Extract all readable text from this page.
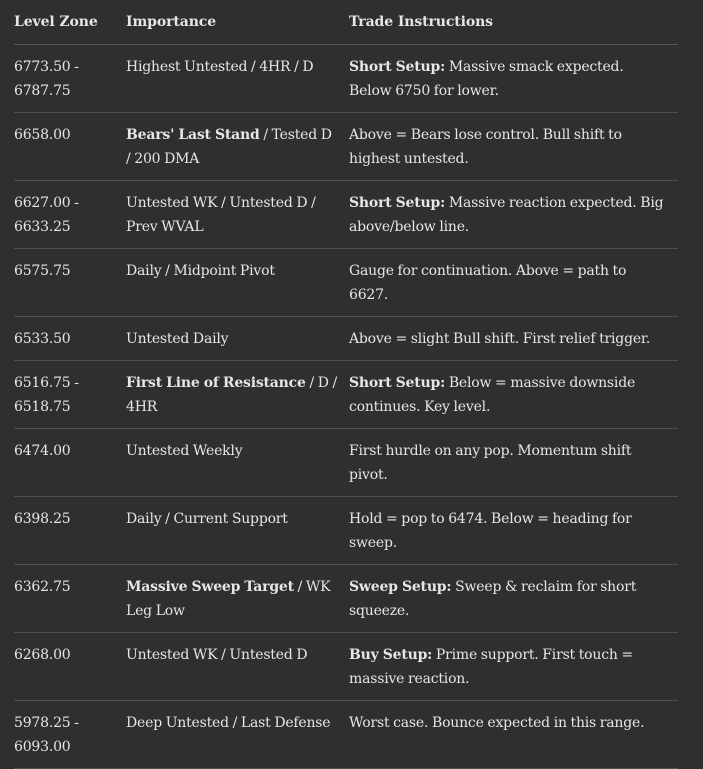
Level Zone	Importance	Trade Instructions
6773.50 - 6787.75	Highest Untested / 4HR / D	Short Setup: Massive smack expected. Below 6750 for lower.
6658.00	Bears' Last Stand / Tested D / 200 DMA	Above = Bears lose control. Bull shift to highest untested.
6627.00 - 6633.25	Untested WK / Untested D / Prev WVAL	Short Setup: Massive reaction expected. Big above/below line.
6575.75	Daily / Midpoint Pivot	Gauge for continuation. Above = path to 6627.
6533.50	Untested Daily	Above = slight Bull shift. First relief trigger.
6516.75 - 6518.75	First Line of Resistance / D / 4HR	Short Setup: Below = massive downside continues. Key level.
6474.00	Untested Weekly	First hurdle on any pop. Momentum shift pivot.
6398.25	Daily / Current Support	Hold = pop to 6474. Below = heading for sweep.
6362.75	Massive Sweep Target / WK Leg Low	Sweep Setup: Sweep & reclaim for short squeeze.
6268.00	Untested WK / Untested D	Buy Setup: Prime support. First touch = massive reaction.
5978.25 - 6093.00	Deep Untested / Last Defense	Worst case. Bounce expected in this range.
